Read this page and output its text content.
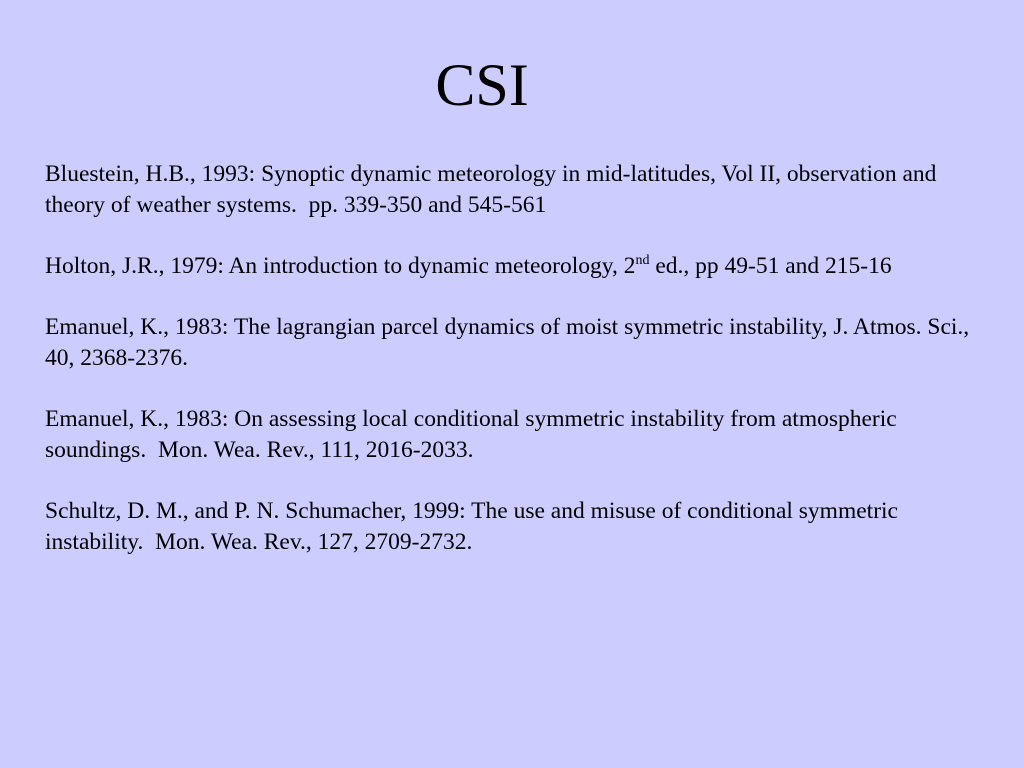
CSI

Bluestein, H.B., 1993: Synoptic dynamic meteorology in mid-latitudes, Vol II, observation and theory of weather systems.  pp. 339-350 and 545-561

Holton, J.R., 1979: An introduction to dynamic meteorology, 2nd ed., pp 49-51 and 215-16

Emanuel, K., 1983: The lagrangian parcel dynamics of moist symmetric instability, J. Atmos. Sci., 40, 2368-2376.

Emanuel, K., 1983: On assessing local conditional symmetric instability from atmospheric soundings.  Mon. Wea. Rev., 111, 2016-2033.

Schultz, D. M., and P. N. Schumacher, 1999: The use and misuse of conditional symmetric instability.  Mon. Wea. Rev., 127, 2709-2732.
